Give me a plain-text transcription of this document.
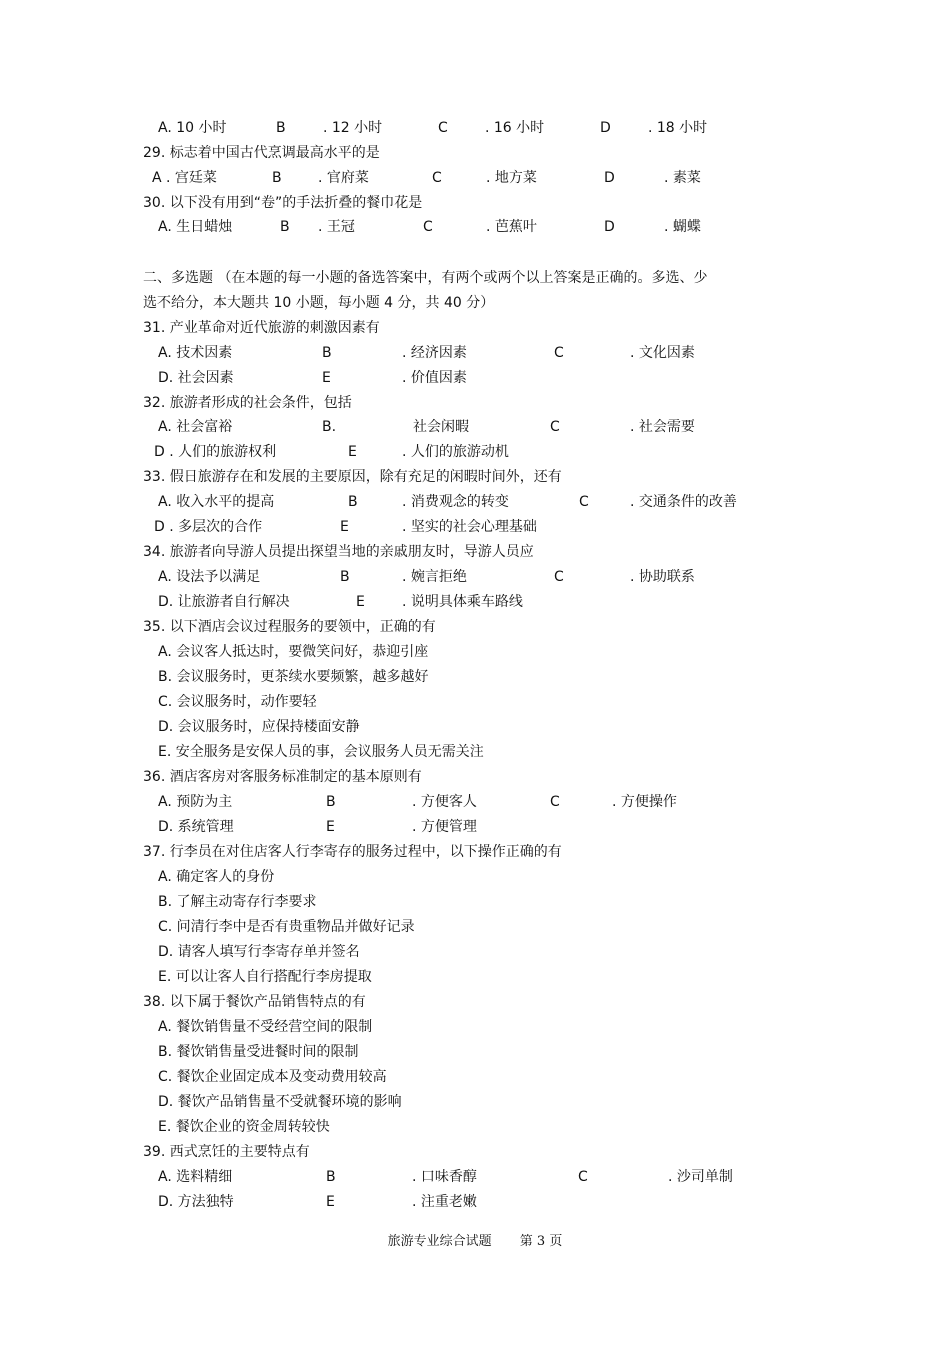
A. 10 小时	B	. 12 小时	C	. 16 小时	D	. 18 小时
29. 标志着中国古代烹调最高水平的是
A . 宫廷菜	B	. 官府菜	C	. 地方菜	D	. 素菜
30. 以下没有用到“卷”的手法折叠的餐巾花是
A. 生日蜡烛	B . 王冠	C	. 芭蕉叶	D	. 蝴蝶
二、多选题 （在本题的每一小题的备选答案中，有两个或两个以上答案是正确的。多选、少
选不给分，本大题共 10 小题，每小题 4 分，共 40 分）
31. 产业革命对近代旅游的刺激因素有
A. 技术因素	B	. 经济因素	C	. 文化因素
D. 社会因素	E	. 价值因素
32. 旅游者形成的社会条件，包括
A. 社会富裕	B.	社会闲暇	C	. 社会需要
D . 人们的旅游权利	E	. 人们的旅游动机
33. 假日旅游存在和发展的主要原因，除有充足的闲暇时间外，还有
A. 收入水平的提高	B	. 消费观念的转变	C	. 交通条件的改善
D . 多层次的合作	E	. 坚实的社会心理基础
34. 旅游者向导游人员提出探望当地的亲戚朋友时，导游人员应
A. 设法予以满足	B	. 婉言拒绝	C	. 协助联系
D. 让旅游者自行解决	E	. 说明具体乘车路线
35. 以下酒店会议过程服务的要领中，正确的有
A. 会议客人抵达时，要微笑问好，恭迎引座
B. 会议服务时，更茶续水要频繁，越多越好
C. 会议服务时，动作要轻
D. 会议服务时，应保持楼面安静
E. 安全服务是安保人员的事，会议服务人员无需关注
36. 酒店客房对客服务标准制定的基本原则有
A. 预防为主	B	. 方便客人	C	. 方便操作
D. 系统管理	E	. 方便管理
37. 行李员在对住店客人行李寄存的服务过程中，以下操作正确的有
A. 确定客人的身份
B. 了解主动寄存行李要求
C. 问清行李中是否有贵重物品并做好记录
D. 请客人填写行李寄存单并签名
E. 可以让客人自行搭配行李房提取
38. 以下属于餐饮产品销售特点的有
A. 餐饮销售量不受经营空间的限制
B. 餐饮销售量受进餐时间的限制
C. 餐饮企业固定成本及变动费用较高
D. 餐饮产品销售量不受就餐环境的影响
E. 餐饮企业的资金周转较快
39. 西式烹饪的主要特点有
A. 选料精细	B	. 口味香醇	C	. 沙司单制
D. 方法独特	E	. 注重老嫩
旅游专业综合试题 第 3 页
